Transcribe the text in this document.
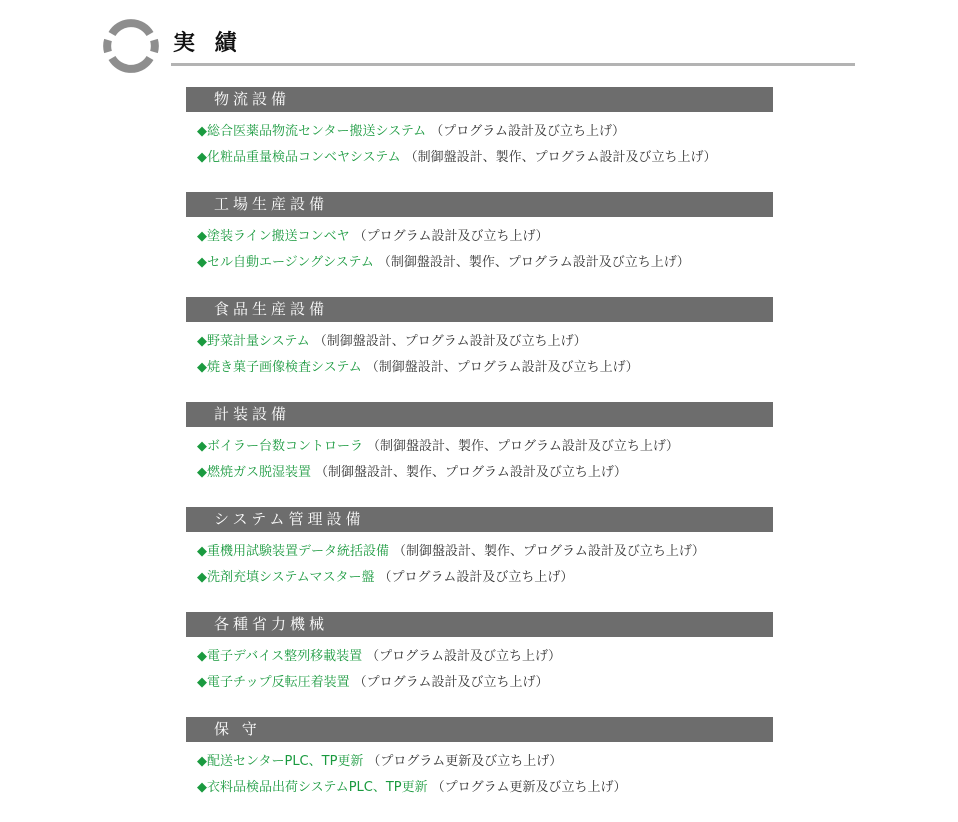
実 績
物流設備
◆総合医薬品物流センター搬送システム （プログラム設計及び立ち上げ）
◆化粧品重量検品コンベヤシステム （制御盤設計、製作、プログラム設計及び立ち上げ）
工場生産設備
◆塗装ライン搬送コンベヤ （プログラム設計及び立ち上げ）
◆セル自動エージングシステム （制御盤設計、製作、プログラム設計及び立ち上げ）
食品生産設備
◆野菜計量システム （制御盤設計、プログラム設計及び立ち上げ）
◆焼き菓子画像検査システム （制御盤設計、プログラム設計及び立ち上げ）
計装設備
◆ボイラー台数コントローラ （制御盤設計、製作、プログラム設計及び立ち上げ）
◆燃焼ガス脱湿装置 （制御盤設計、製作、プログラム設計及び立ち上げ）
システム管理設備
◆重機用試験装置データ統括設備 （制御盤設計、製作、プログラム設計及び立ち上げ）
◆洗剤充填システムマスター盤 （プログラム設計及び立ち上げ）
各種省力機械
◆電子デバイス整列移載装置 （プログラム設計及び立ち上げ）
◆電子チップ反転圧着装置 （プログラム設計及び立ち上げ）
保 守
◆配送センターPLC、TP更新 （プログラム更新及び立ち上げ）
◆衣料品検品出荷システムPLC、TP更新 （プログラム更新及び立ち上げ）
